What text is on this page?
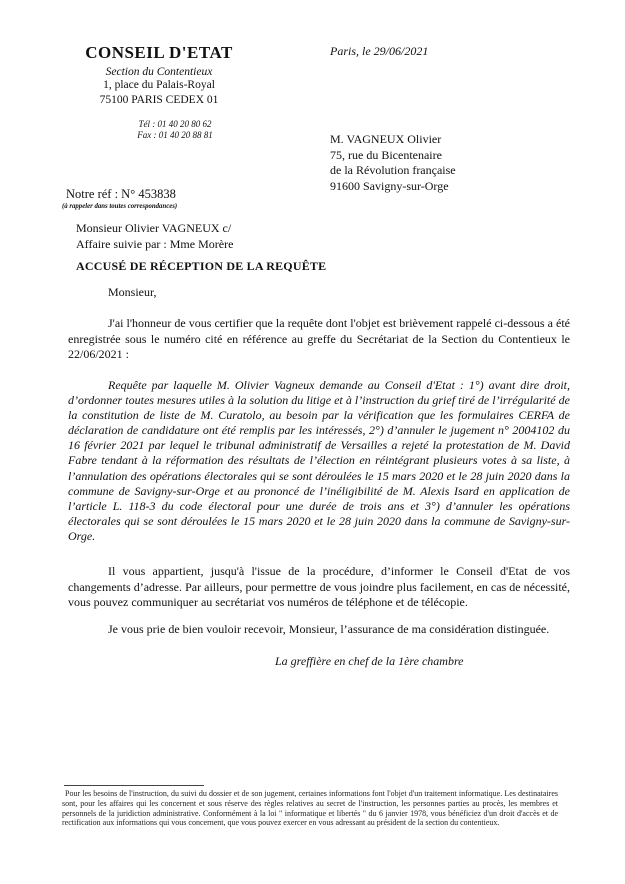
CONSEIL D'ETAT
Section du Contentieux
1, place du Palais-Royal
75100 PARIS CEDEX 01
Paris, le 29/06/2021
Tél : 01 40 20 80 62
Fax : 01 40 20 88 81	M. VAGNEUX Olivier
75, rue du Bicentenaire
de la Révolution française
91600 Savigny-sur-Orge
Notre réf : N° 453838
(à rappeler dans toutes correspondances)
Monsieur Olivier VAGNEUX c/
Affaire suivie par : Mme Morère
ACCUSÉ DE RÉCEPTION DE LA REQUÊTE
Monsieur,
J'ai l'honneur de vous certifier que la requête dont l'objet est brièvement rappelé ci-dessous a été enregistrée sous le numéro cité en référence au greffe du Secrétariat de la Section du Contentieux le 22/06/2021 :
Requête par laquelle M. Olivier Vagneux demande au Conseil d'Etat : 1°) avant dire droit, d’ordonner toutes mesures utiles à la solution du litige et à l’instruction du grief tiré de l’irrégularité de la constitution de liste de M. Curatolo, au besoin par la vérification que les formulaires CERFA de déclaration de candidature ont été remplis par les intéressés, 2°) d’annuler le jugement n° 2004102 du 16 février 2021 par lequel le tribunal administratif de Versailles a rejeté la protestation de M. David Fabre tendant à la réformation des résultats de l’élection en réintégrant plusieurs votes à sa liste, à l’annulation des opérations électorales qui se sont déroulées le 15 mars 2020 et le 28 juin 2020 dans la commune de Savigny-sur-Orge et au prononcé de l’inéligibilité de M. Alexis Isard en application de l’article L. 118-3 du code électoral pour une durée de trois ans et 3°) d’annuler les opérations électorales qui se sont déroulées le 15 mars 2020 et le 28 juin 2020 dans la commune de Savigny-sur-Orge.
Il vous appartient, jusqu'à l'issue de la procédure, d’informer le Conseil d'Etat de vos changements d’adresse. Par ailleurs, pour permettre de vous joindre plus facilement, en cas de nécessité, vous pouvez communiquer au secrétariat vos numéros de téléphone et de télécopie.
Je vous prie de bien vouloir recevoir, Monsieur, l’assurance de ma considération distinguée.
La greffière en chef de la 1ère chambre
Pour les besoins de l'instruction, du suivi du dossier et de son jugement, certaines informations font l'objet d'un traitement informatique. Les destinataires sont, pour les affaires qui les concernent et sous réserve des règles relatives au secret de l'instruction, les personnes parties au procès, les membres et personnels de la juridiction administrative. Conformément à la loi " informatique et libertés " du 6 janvier 1978, vous bénéficiez d'un droit d'accès et de rectification aux informations qui vous concernent, que vous pouvez exercer en vous adressant au président de la section du contentieux.
